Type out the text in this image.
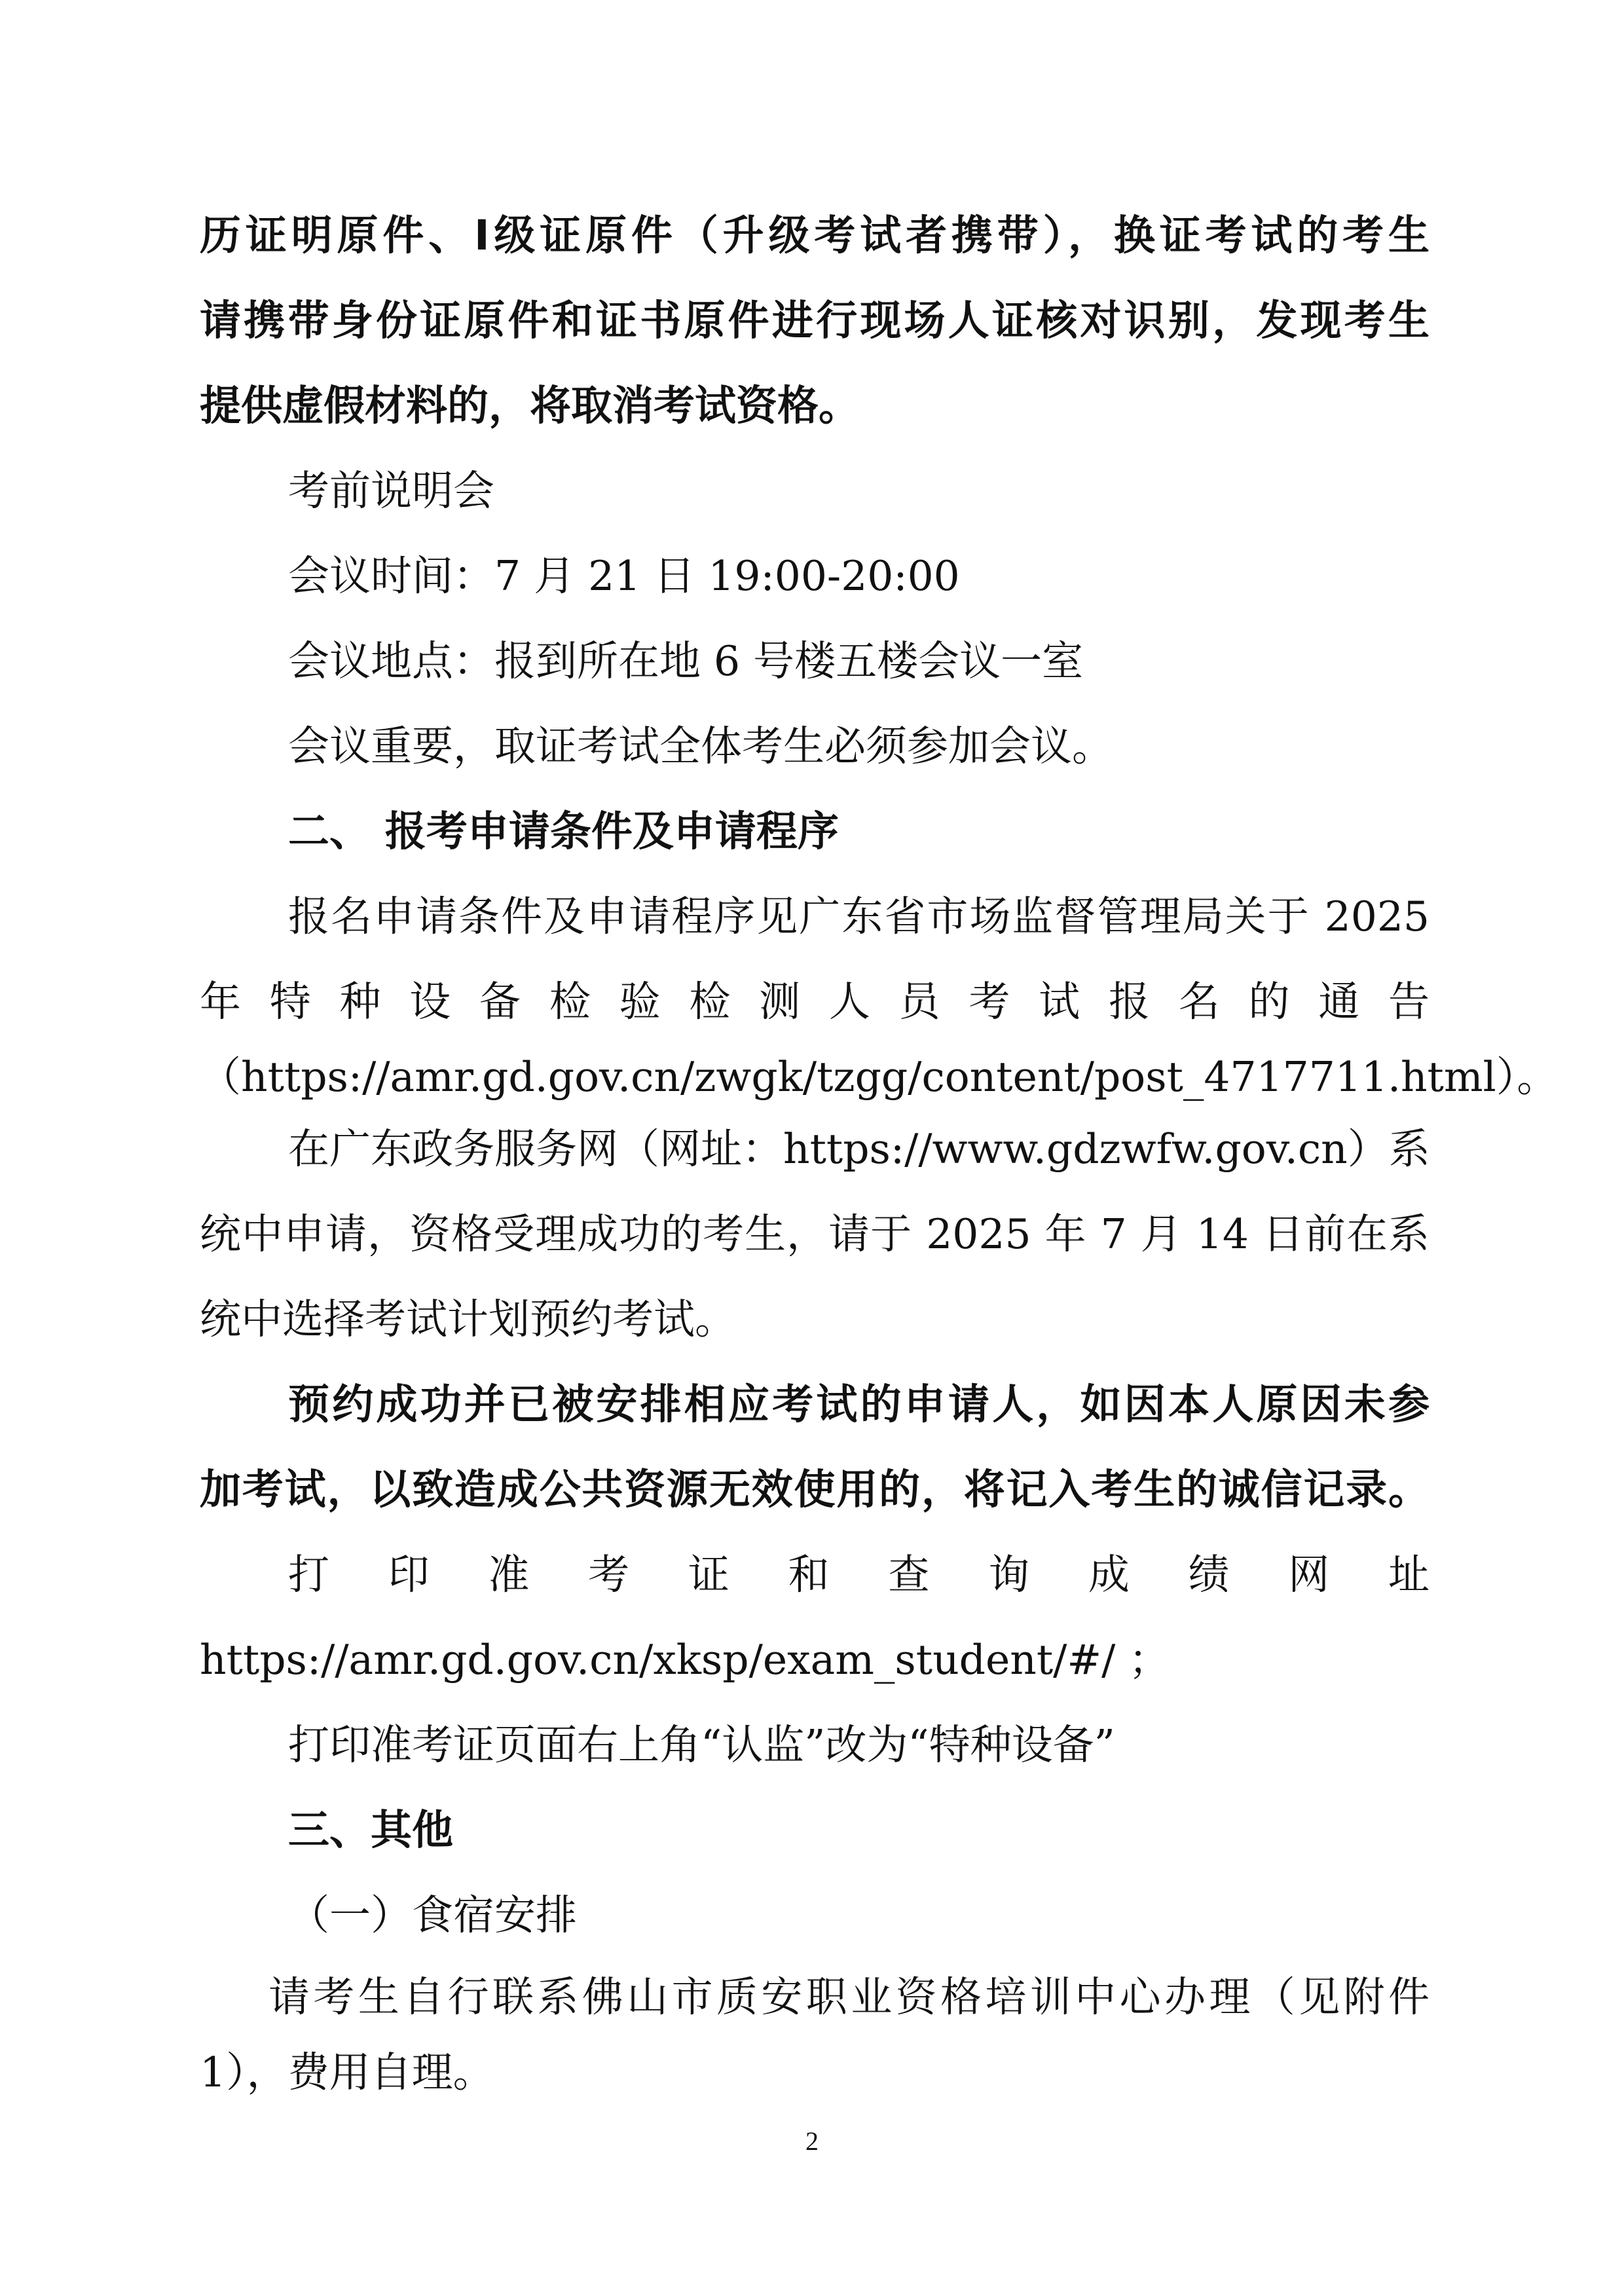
历证明原件、Ⅰ级证原件（升级考试者携带），换证考试的考生
请携带身份证原件和证书原件进行现场人证核对识别，发现考生
提供虚假材料的，将取消考试资格。
考前说明会
会议时间：7 月 21 日 19:00-20:00
会议地点：报到所在地 6 号楼五楼会议一室
会议重要，取证考试全体考生必须参加会议。
二、 报考申请条件及申请程序
报名申请条件及申请程序见广东省市场监督管理局关于 2025
年特种设备检验检测人员考试报名的通告
（https://amr.gd.gov.cn/zwgk/tzgg/content/post_4717711.html）。
在广东政务服务网（网址：https://www.gdzwfw.gov.cn）系
统中申请，资格受理成功的考生，请于 2025 年 7 月 14 日前在系
统中选择考试计划预约考试。
预约成功并已被安排相应考试的申请人，如因本人原因未参
加考试，以致造成公共资源无效使用的，将记入考生的诚信记录。
打印准考证和查询成绩网址
https://amr.gd.gov.cn/xksp/exam_student/#/ ；
打印准考证页面右上角“认监”改为“特种设备”
三、其他
（一）食宿安排
请考生自行联系佛山市质安职业资格培训中心办理（见附件
1），费用自理。
2
